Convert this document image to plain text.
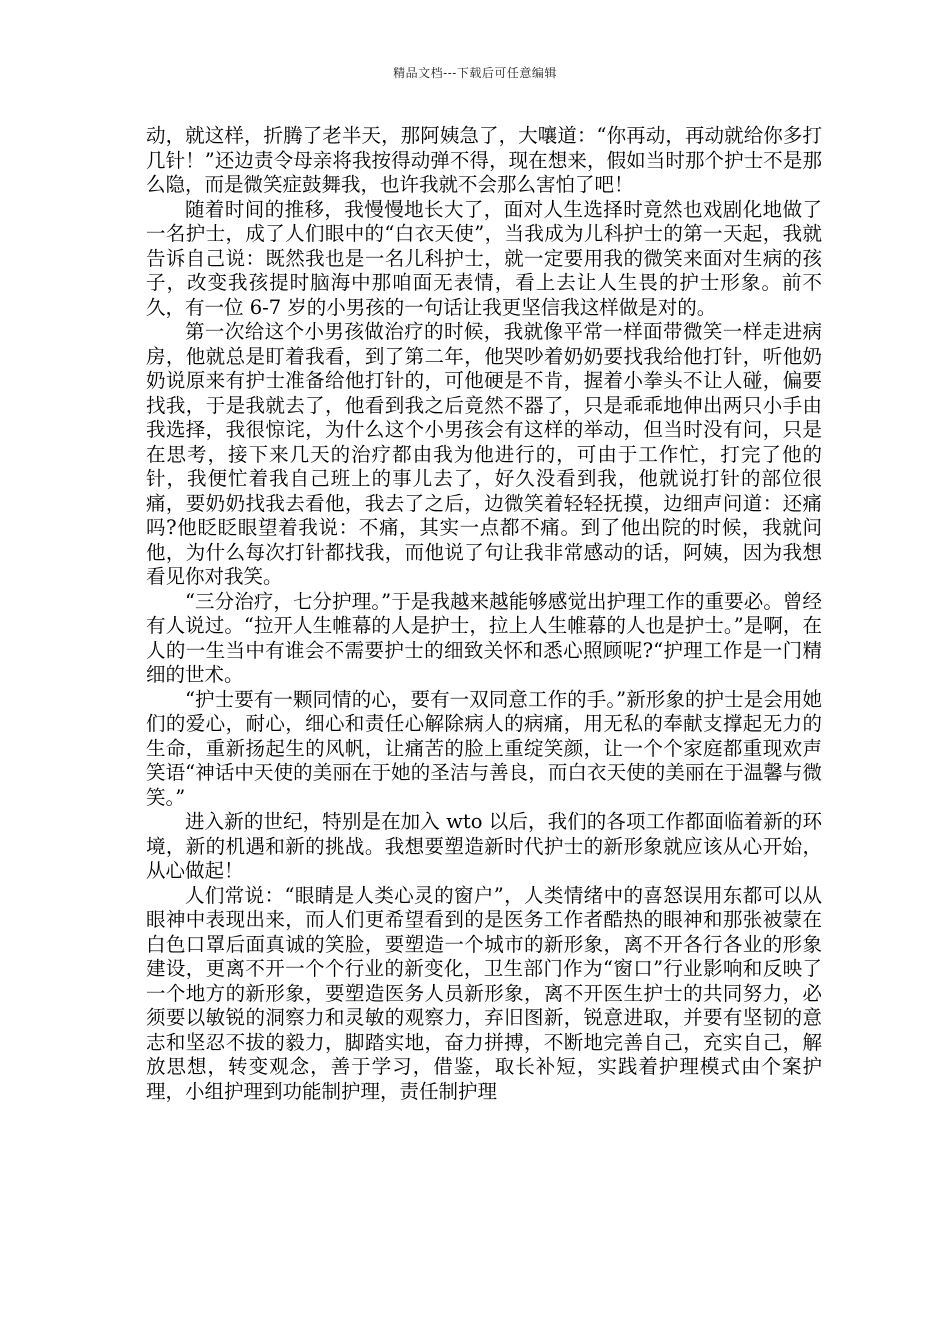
精品文档---下载后可任意编辑

动，就这样，折腾了老半天，那阿姨急了，大嚷道：“你再动，再动就给你多打几针！”还边责令母亲将我按得动弹不得，现在想来，假如当时那个护士不是那么隐，而是微笑症鼓舞我，也许我就不会那么害怕了吧！

随着时间的推移，我慢慢地长大了，面对人生选择时竟然也戏剧化地做了一名护士，成了人们眼中的“白衣天使”，当我成为儿科护士的第一天起，我就告诉自己说：既然我也是一名儿科护士，就一定要用我的微笑来面对生病的孩子，改变我孩提时脑海中那咱面无表情，看上去让人生畏的护士形象。前不久，有一位 6-7 岁的小男孩的一句话让我更坚信我这样做是对的。

第一次给这个小男孩做治疗的时候，我就像平常一样面带微笑一样走进病房，他就总是盯着我看，到了第二年，他哭吵着奶奶要找我给他打针，听他奶奶说原来有护士准备给他打针的，可他硬是不肯，握着小拳头不让人碰，偏要找我，于是我就去了，他看到我之后竟然不器了，只是乖乖地伸出两只小手由我选择，我很惊诧，为什么这个小男孩会有这样的举动，但当时没有问，只是在思考，接下来几天的治疗都由我为他进行的，可由于工作忙，打完了他的针，我便忙着我自己班上的事儿去了，好久没看到我，他就说打针的部位很痛，要奶奶找我去看他，我去了之后，边微笑着轻轻抚摸，边细声问道：还痛吗?他眨眨眼望着我说：不痛，其实一点都不痛。到了他出院的时候，我就问他，为什么每次打针都找我，而他说了句让我非常感动的话，阿姨，因为我想看见你对我笑。

“三分治疗，七分护理。”于是我越来越能够感觉出护理工作的重要必。曾经有人说过。“拉开人生帷幕的人是护士，拉上人生帷幕的人也是护士。”是啊，在人的一生当中有谁会不需要护士的细致关怀和悉心照顾呢?“护理工作是一门精细的世术。

“护士要有一颗同情的心，要有一双同意工作的手。”新形象的护士是会用她们的爱心，耐心，细心和责任心解除病人的病痛，用无私的奉献支撑起无力的生命，重新扬起生的风帆，让痛苦的脸上重绽笑颜，让一个个家庭都重现欢声笑语“神话中天使的美丽在于她的圣洁与善良，而白衣天使的美丽在于温馨与微笑。”

进入新的世纪，特别是在加入 wto 以后，我们的各项工作都面临着新的环境，新的机遇和新的挑战。我想要塑造新时代护士的新形象就应该从心开始，从心做起！

人们常说：“眼睛是人类心灵的窗户”，人类情绪中的喜怒误用东都可以从眼神中表现出来，而人们更希望看到的是医务工作者酷热的眼神和那张被蒙在白色口罩后面真诚的笑脸，要塑造一个城市的新形象，离不开各行各业的形象建设，更离不开一个个行业的新变化，卫生部门作为“窗口”行业影响和反映了一个地方的新形象，要塑造医务人员新形象，离不开医生护士的共同努力，必须要以敏锐的洞察力和灵敏的观察力，弃旧图新，锐意进取，并要有坚韧的意志和坚忍不拔的毅力，脚踏实地，奋力拼搏，不断地完善自己，充实自己，解放思想，转变观念，善于学习，借鉴，取长补短，实践着护理模式由个案护理，小组护理到功能制护理，责任制护理
